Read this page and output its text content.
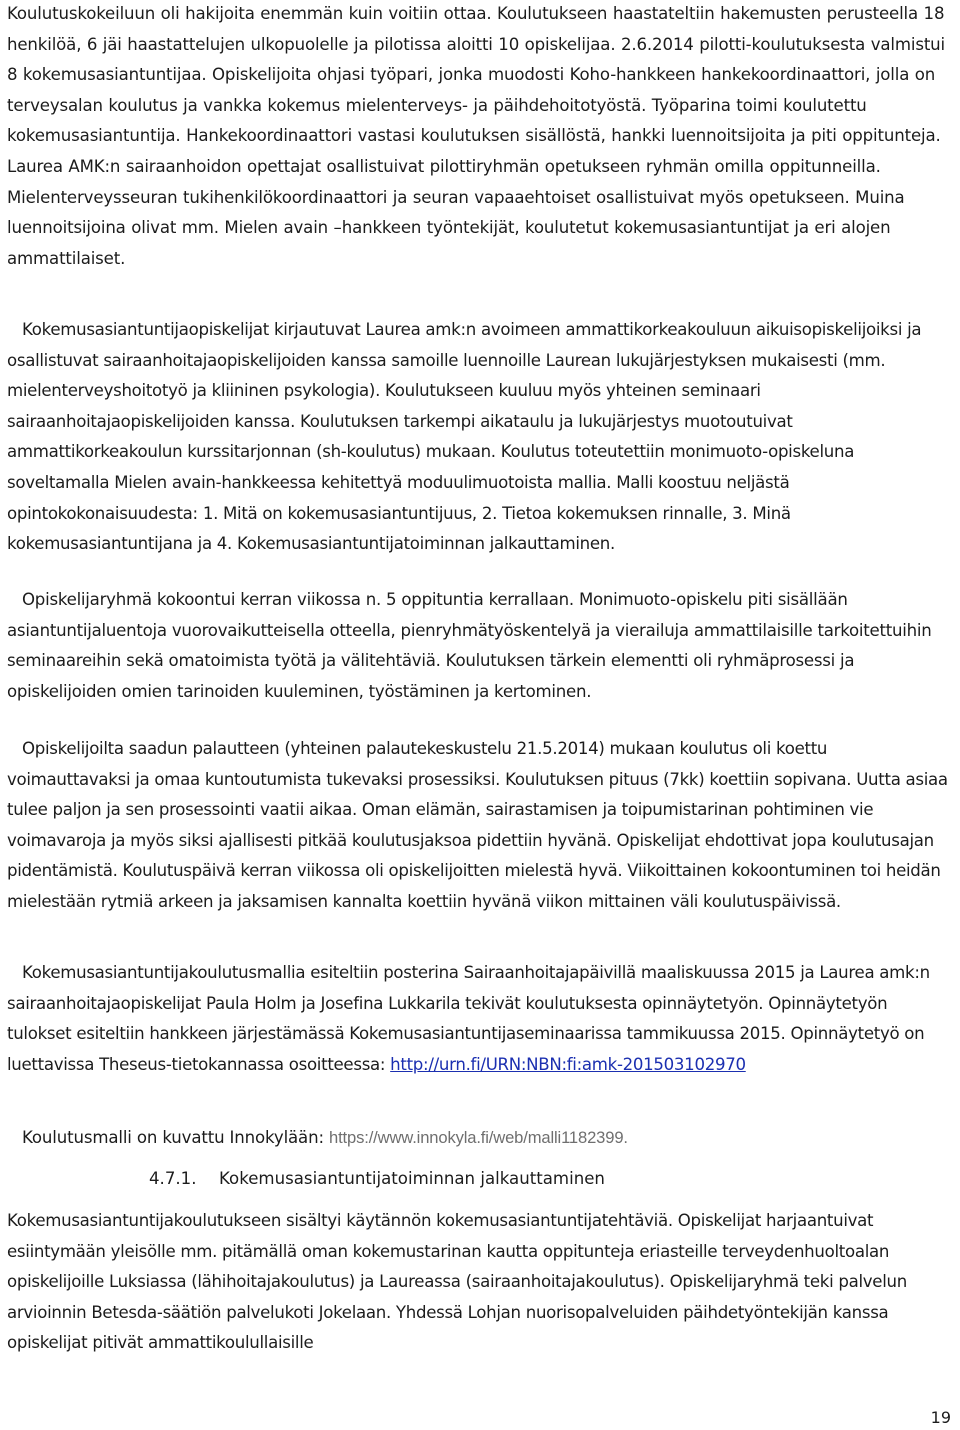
Koulutuskokeiluun oli hakijoita enemmän kuin voitiin ottaa. Koulutukseen haastateltiin hakemusten perusteella 18 henkilöä, 6 jäi haastattelujen ulkopuolelle ja pilotissa aloitti 10 opiskelijaa. 2.6.2014 pilotti-koulutuksesta valmistui 8 kokemusasiantuntijaa. Opiskelijoita ohjasi työpari, jonka muodosti Koho-hankkeen hankekoordinaattori, jolla on terveysalan koulutus ja vankka kokemus mielenterveys- ja päihdehoitotyöstä. Työparina toimi koulutettu kokemusasiantuntija. Hankekoordinaattori vastasi koulutuksen sisällöstä, hankki luennoitsijoita ja piti oppitunteja. Laurea AMK:n sairaanhoidon opettajat osallistuivat pilottiryhmän opetukseen ryhmän omilla oppitunneilla. Mielenterveysseuran tukihenkilökoordinaattori ja seuran vapaaehtoiset osallistuivat myös opetukseen. Muina luennoitsijoina olivat mm. Mielen avain –hankkeen työntekijät, koulutetut kokemusasiantuntijat ja eri alojen ammattilaiset.

Kokemusasiantuntijaopiskelijat kirjautuvat Laurea amk:n avoimeen ammattikorkeakouluun aikuisopiskelijoiksi ja osallistuvat sairaanhoitajaopiskelijoiden kanssa samoille luennoille Laurean lukujärjestyksen mukaisesti (mm. mielenterveyshoitotyö ja kliininen psykologia). Koulutukseen kuuluu myös yhteinen seminaari sairaanhoitajaopiskelijoiden kanssa. Koulutuksen tarkempi aikataulu ja lukujärjestys muotoutuivat ammattikorkeakoulun kurssitarjonnan (sh-koulutus) mukaan. Koulutus toteutettiin monimuoto-opiskeluna soveltamalla Mielen avain-hankkeessa kehitettyä moduulimuotoista mallia. Malli koostuu neljästä opintokokonaisuudesta: 1. Mitä on kokemusasiantuntijuus, 2. Tietoa kokemuksen rinnalle, 3. Minä kokemusasiantuntijana ja 4. Kokemusasiantuntijatoiminnan jalkauttaminen.

Opiskelijaryhmä kokoontui kerran viikossa n. 5 oppituntia kerrallaan. Monimuoto-opiskelu piti sisällään asiantuntijaluentoja vuorovaikutteisella otteella, pienryhmätyöskentelyä ja vierailuja ammattilaisille tarkoitettuihin seminaareihin sekä omatoimista työtä ja välitehtäviä. Koulutuksen tärkein elementti oli ryhmäprosessi ja opiskelijoiden omien tarinoiden kuuleminen, työstäminen ja kertominen.

Opiskelijoilta saadun palautteen (yhteinen palautekeskustelu 21.5.2014) mukaan koulutus oli koettu voimauttavaksi ja omaa kuntoutumista tukevaksi prosessiksi. Koulutuksen pituus (7kk) koettiin sopivana. Uutta asiaa tulee paljon ja sen prosessointi vaatii aikaa. Oman elämän, sairastamisen ja toipumistarinan pohtiminen vie voimavaroja ja myös siksi ajallisesti pitkää koulutusjaksoa pidettiin hyvänä. Opiskelijat ehdottivat jopa koulutusajan pidentämistä. Koulutuspäivä kerran viikossa oli opiskelijoitten mielestä hyvä. Viikoittainen kokoontuminen toi heidän mielestään rytmiä arkeen ja jaksamisen kannalta koettiin hyvänä viikon mittainen väli koulutuspäivissä.

Kokemusasiantuntijakoulutusmallia esiteltiin posterina Sairaanhoitajapäivillä maaliskuussa 2015 ja Laurea amk:n sairaanhoitajaopiskelijat Paula Holm ja Josefina Lukkarila tekivät koulutuksesta opinnäytetyön. Opinnäytetyön tulokset esiteltiin hankkeen järjestämässä Kokemusasiantuntijaseminaarissa tammikuussa 2015. Opinnäytetyö on luettavissa Theseus-tietokannassa osoitteessa: http://urn.fi/URN:NBN:fi:amk-201503102970

Koulutusmalli on kuvattu Innokylään: https://www.innokyla.fi/web/malli1182399.

4.7.1. Kokemusasiantuntijatoiminnan jalkauttaminen

Kokemusasiantuntijakoulutukseen sisältyi käytännön kokemusasiantuntijatehtäviä. Opiskelijat harjaantuivat esiintymään yleisölle mm. pitämällä oman kokemustarinan kautta oppitunteja eriasteille terveydenhuoltoalan opiskelijoille Luksiassa (lähihoitajakoulutus) ja Laureassa (sairaanhoitajakoulutus). Opiskelijaryhmä teki palvelun arvioinnin Betesda-säätiön palvelukoti Jokelaan. Yhdessä Lohjan nuorisopalveluiden päihdetyöntekijän kanssa opiskelijat pitivät ammattikoulullaisille

19
